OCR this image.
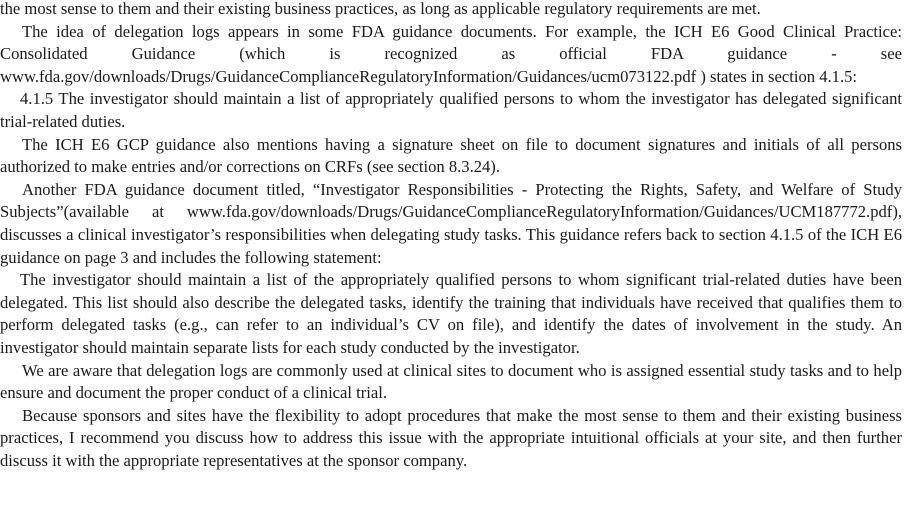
the most sense to them and their existing business practices, as long as applicable regulatory requirements are met.

The idea of delegation logs appears in some FDA guidance documents. For example, the ICH E6 Good Clinical Practice: Consolidated Guidance (which is recognized as official FDA guidance - see www.fda.gov/downloads/Drugs/GuidanceComplianceRegulatoryInformation/Guidances/ucm073122.pdf ) states in section 4.1.5:

4.1.5 The investigator should maintain a list of appropriately qualified persons to whom the investigator has delegated significant trial-related duties.

The ICH E6 GCP guidance also mentions having a signature sheet on file to document signatures and initials of all persons authorized to make entries and/or corrections on CRFs (see section 8.3.24).

Another FDA guidance document titled, “Investigator Responsibilities - Protecting the Rights, Safety, and Welfare of Study Subjects”(available at www.fda.gov/downloads/Drugs/GuidanceComplianceRegulatoryInformation/Guidances/UCM187772.pdf), discusses a clinical investigator’s responsibilities when delegating study tasks. This guidance refers back to section 4.1.5 of the ICH E6 guidance on page 3 and includes the following statement:

The investigator should maintain a list of the appropriately qualified persons to whom significant trial-related duties have been delegated. This list should also describe the delegated tasks, identify the training that individuals have received that qualifies them to perform delegated tasks (e.g., can refer to an individual’s CV on file), and identify the dates of involvement in the study. An investigator should maintain separate lists for each study conducted by the investigator.

We are aware that delegation logs are commonly used at clinical sites to document who is assigned essential study tasks and to help ensure and document the proper conduct of a clinical trial.

Because sponsors and sites have the flexibility to adopt procedures that make the most sense to them and their existing business practices, I recommend you discuss how to address this issue with the appropriate intuitional officials at your site, and then further discuss it with the appropriate representatives at the sponsor company.
